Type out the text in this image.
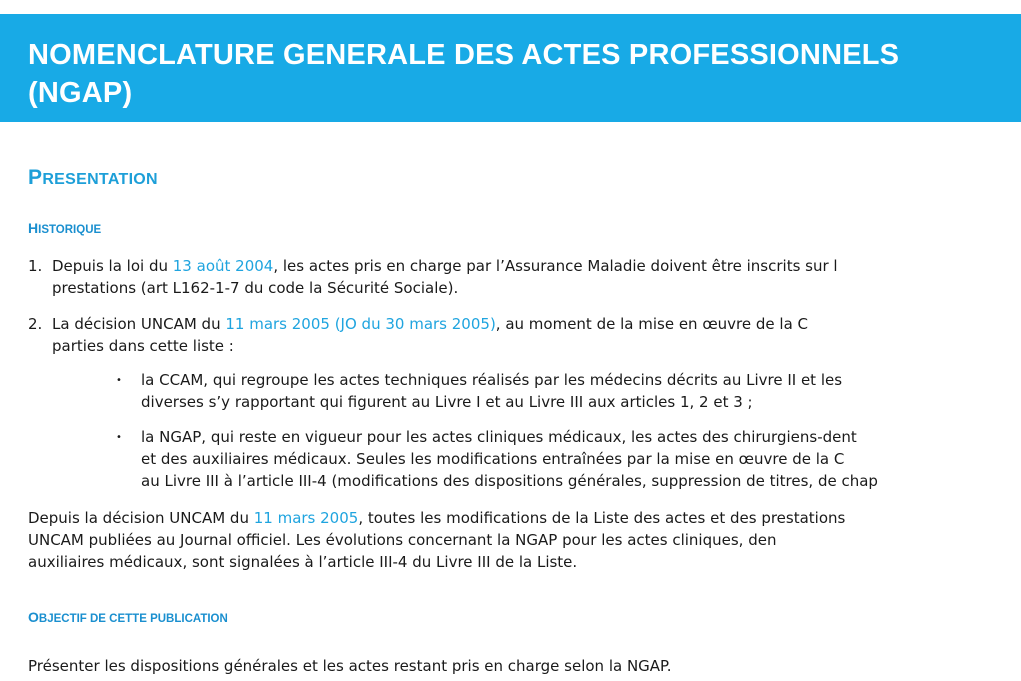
NOMENCLATURE GENERALE DES ACTES PROFESSIONNELS
(NGAP)
PRESENTATION
HISTORIQUE
1. Depuis la loi du 13 août 2004, les actes pris en charge par l’Assurance Maladie doivent être inscrits sur l

prestations (art L162-1-7 du code la Sécurité Sociale).

2. La décision UNCAM du 11 mars 2005 (JO du 30 mars 2005), au moment de la mise en œuvre de la C

parties dans cette liste :

• la CCAM, qui regroupe les actes techniques réalisés par les médecins décrits au Livre II et les

diverses s’y rapportant qui figurent au Livre I et au Livre III aux articles 1, 2 et 3 ;

• la NGAP, qui reste en vigueur pour les actes cliniques médicaux, les actes des chirurgiens-dent

et des auxiliaires médicaux. Seules les modifications entraînées par la mise en œuvre de la C

au Livre III à l’article III-4 (modifications des dispositions générales, suppression de titres, de chap

Depuis la décision UNCAM du 11 mars 2005, toutes les modifications de la Liste des actes et des prestations

UNCAM publiées au Journal officiel. Les évolutions concernant la NGAP pour les actes cliniques, den

auxiliaires médicaux, sont signalées à l’article III-4 du Livre III de la Liste.

OBJECTIF DE CETTE PUBLICATION

Présenter les dispositions générales et les actes restant pris en charge selon la NGAP.
